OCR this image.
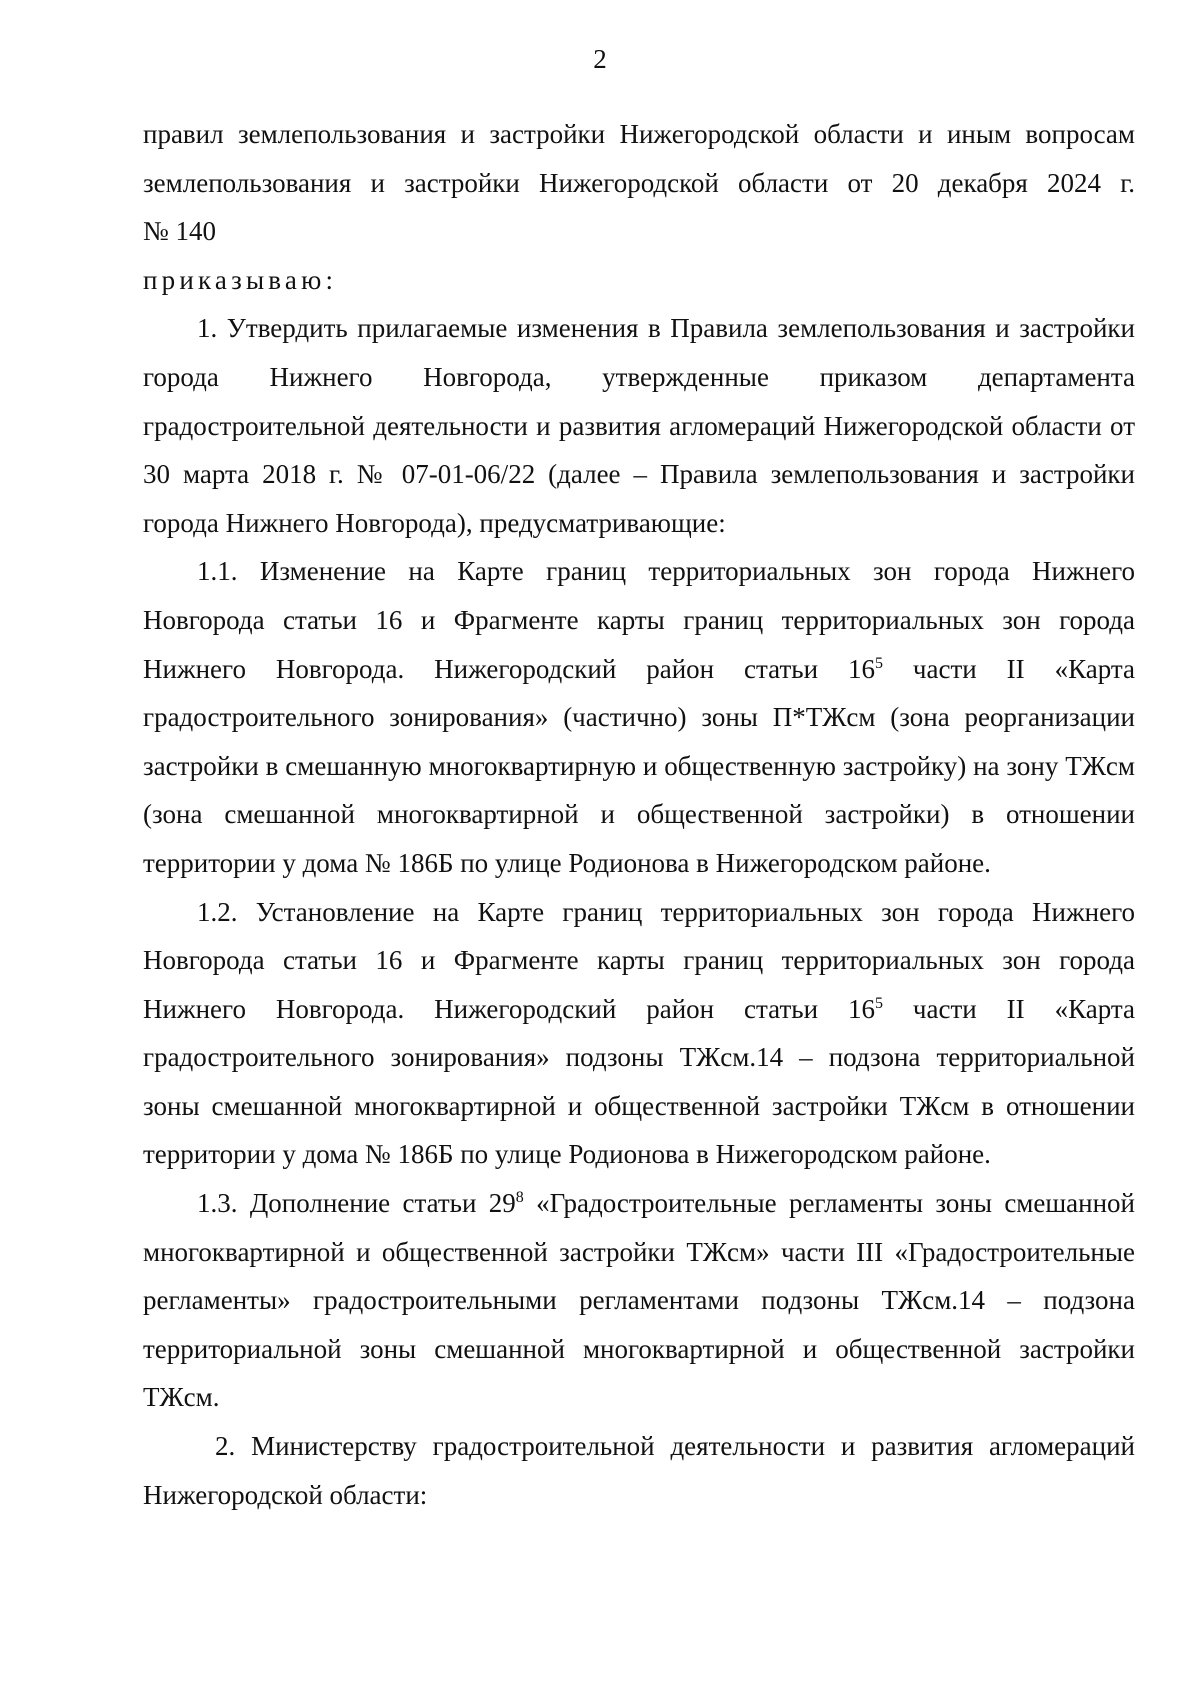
2

правил землепользования и застройки Нижегородской области и иным вопросам
землепользования и застройки Нижегородской области от 20 декабря 2024 г.
№ 140

приказываю:

1. Утвердить прилагаемые изменения в Правила землепользования и застройки города Нижнего Новгорода, утвержденные приказом департамента градостроительной деятельности и развития агломераций Нижегородской области от 30 марта 2018 г. № 07-01-06/22 (далее – Правила землепользования и застройки города Нижнего Новгорода), предусматривающие:

1.1. Изменение на Карте границ территориальных зон города Нижнего Новгорода статьи 16 и Фрагменте карты границ территориальных зон города Нижнего Новгорода. Нижегородский район статьи $16^5$ части II «Карта градостроительного зонирования» (частично) зоны П*ТЖсм (зона реорганизации застройки в смешанную многоквартирную и общественную застройку) на зону ТЖсм (зона смешанной многоквартирной и общественной застройки) в отношении территории у дома № 186Б по улице Родионова в Нижегородском районе.

1.2. Установление на Карте границ территориальных зон города Нижнего Новгорода статьи 16 и Фрагменте карты границ территориальных зон города Нижнего Новгорода. Нижегородский район статьи $16^5$ части II «Карта градостроительного зонирования» подзоны ТЖсм.14 – подзона территориальной зоны смешанной многоквартирной и общественной застройки ТЖсм в отношении территории у дома № 186Б по улице Родионова в Нижегородском районе.

1.3. Дополнение статьи $29^8$ «Градостроительные регламенты зоны смешанной многоквартирной и общественной застройки ТЖсм» части III «Градостроительные регламенты» градостроительными регламентами подзоны ТЖсм.14 – подзона территориальной зоны смешанной многоквартирной и общественной застройки ТЖсм.

2. Министерству градостроительной деятельности и развития агломераций Нижегородской области:
